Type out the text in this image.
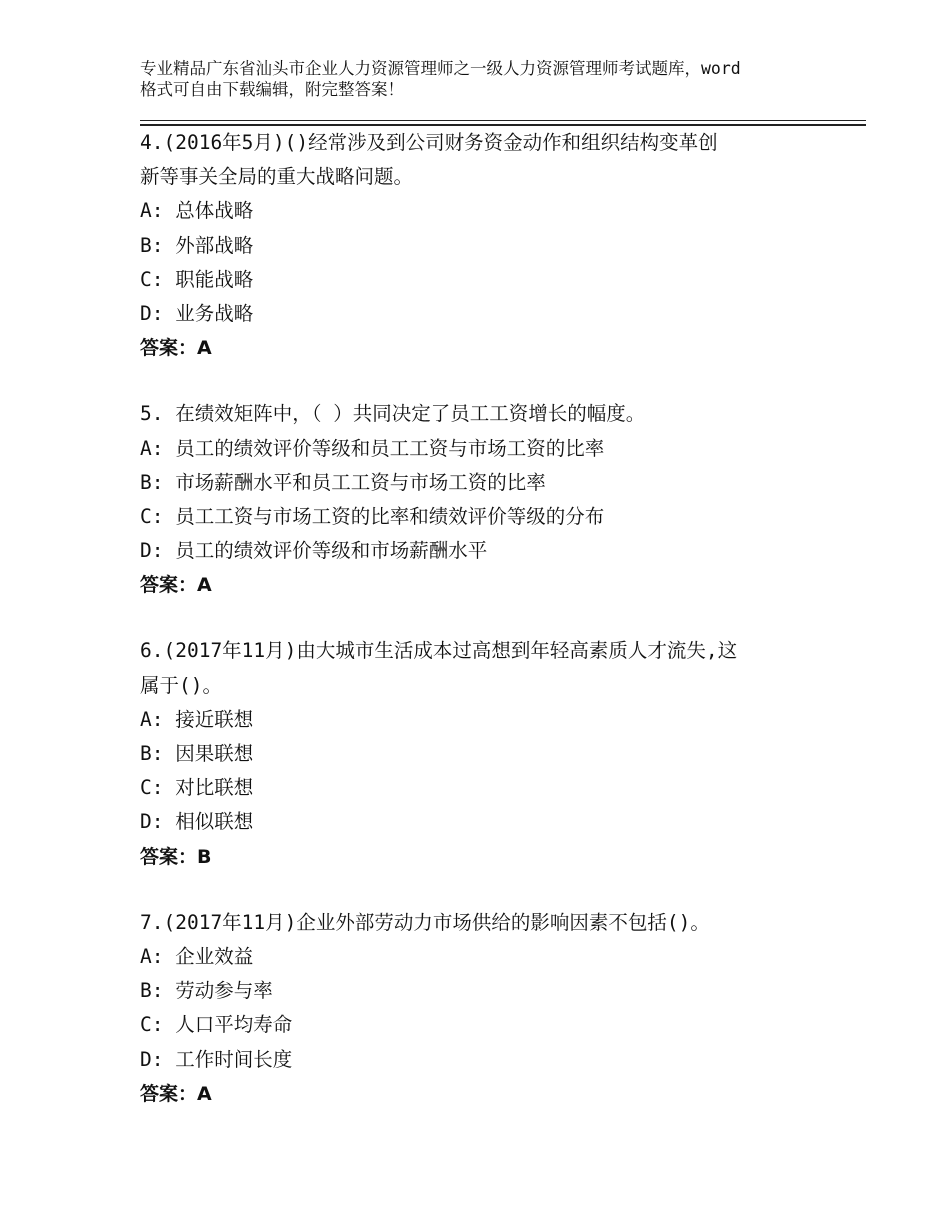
专业精品广东省汕头市企业人力资源管理师之一级人力资源管理师考试题库，word
格式可自由下载编辑，附完整答案！
4.(2016年5月)()经常涉及到公司财务资金动作和组织结构变革创
新等事关全局的重大战略问题。
A: 总体战略
B: 外部战略
C: 职能战略
D: 业务战略
答案：A
5. 在绩效矩阵中，（ ）共同决定了员工工资增长的幅度。
A: 员工的绩效评价等级和员工工资与市场工资的比率
B: 市场薪酬水平和员工工资与市场工资的比率
C: 员工工资与市场工资的比率和绩效评价等级的分布
D: 员工的绩效评价等级和市场薪酬水平
答案：A
6.(2017年11月)由大城市生活成本过高想到年轻高素质人才流失,这
属于()。
A: 接近联想
B: 因果联想
C: 对比联想
D: 相似联想
答案：B
7.(2017年11月)企业外部劳动力市场供给的影响因素不包括()。
A: 企业效益
B: 劳动参与率
C: 人口平均寿命
D: 工作时间长度
答案：A
